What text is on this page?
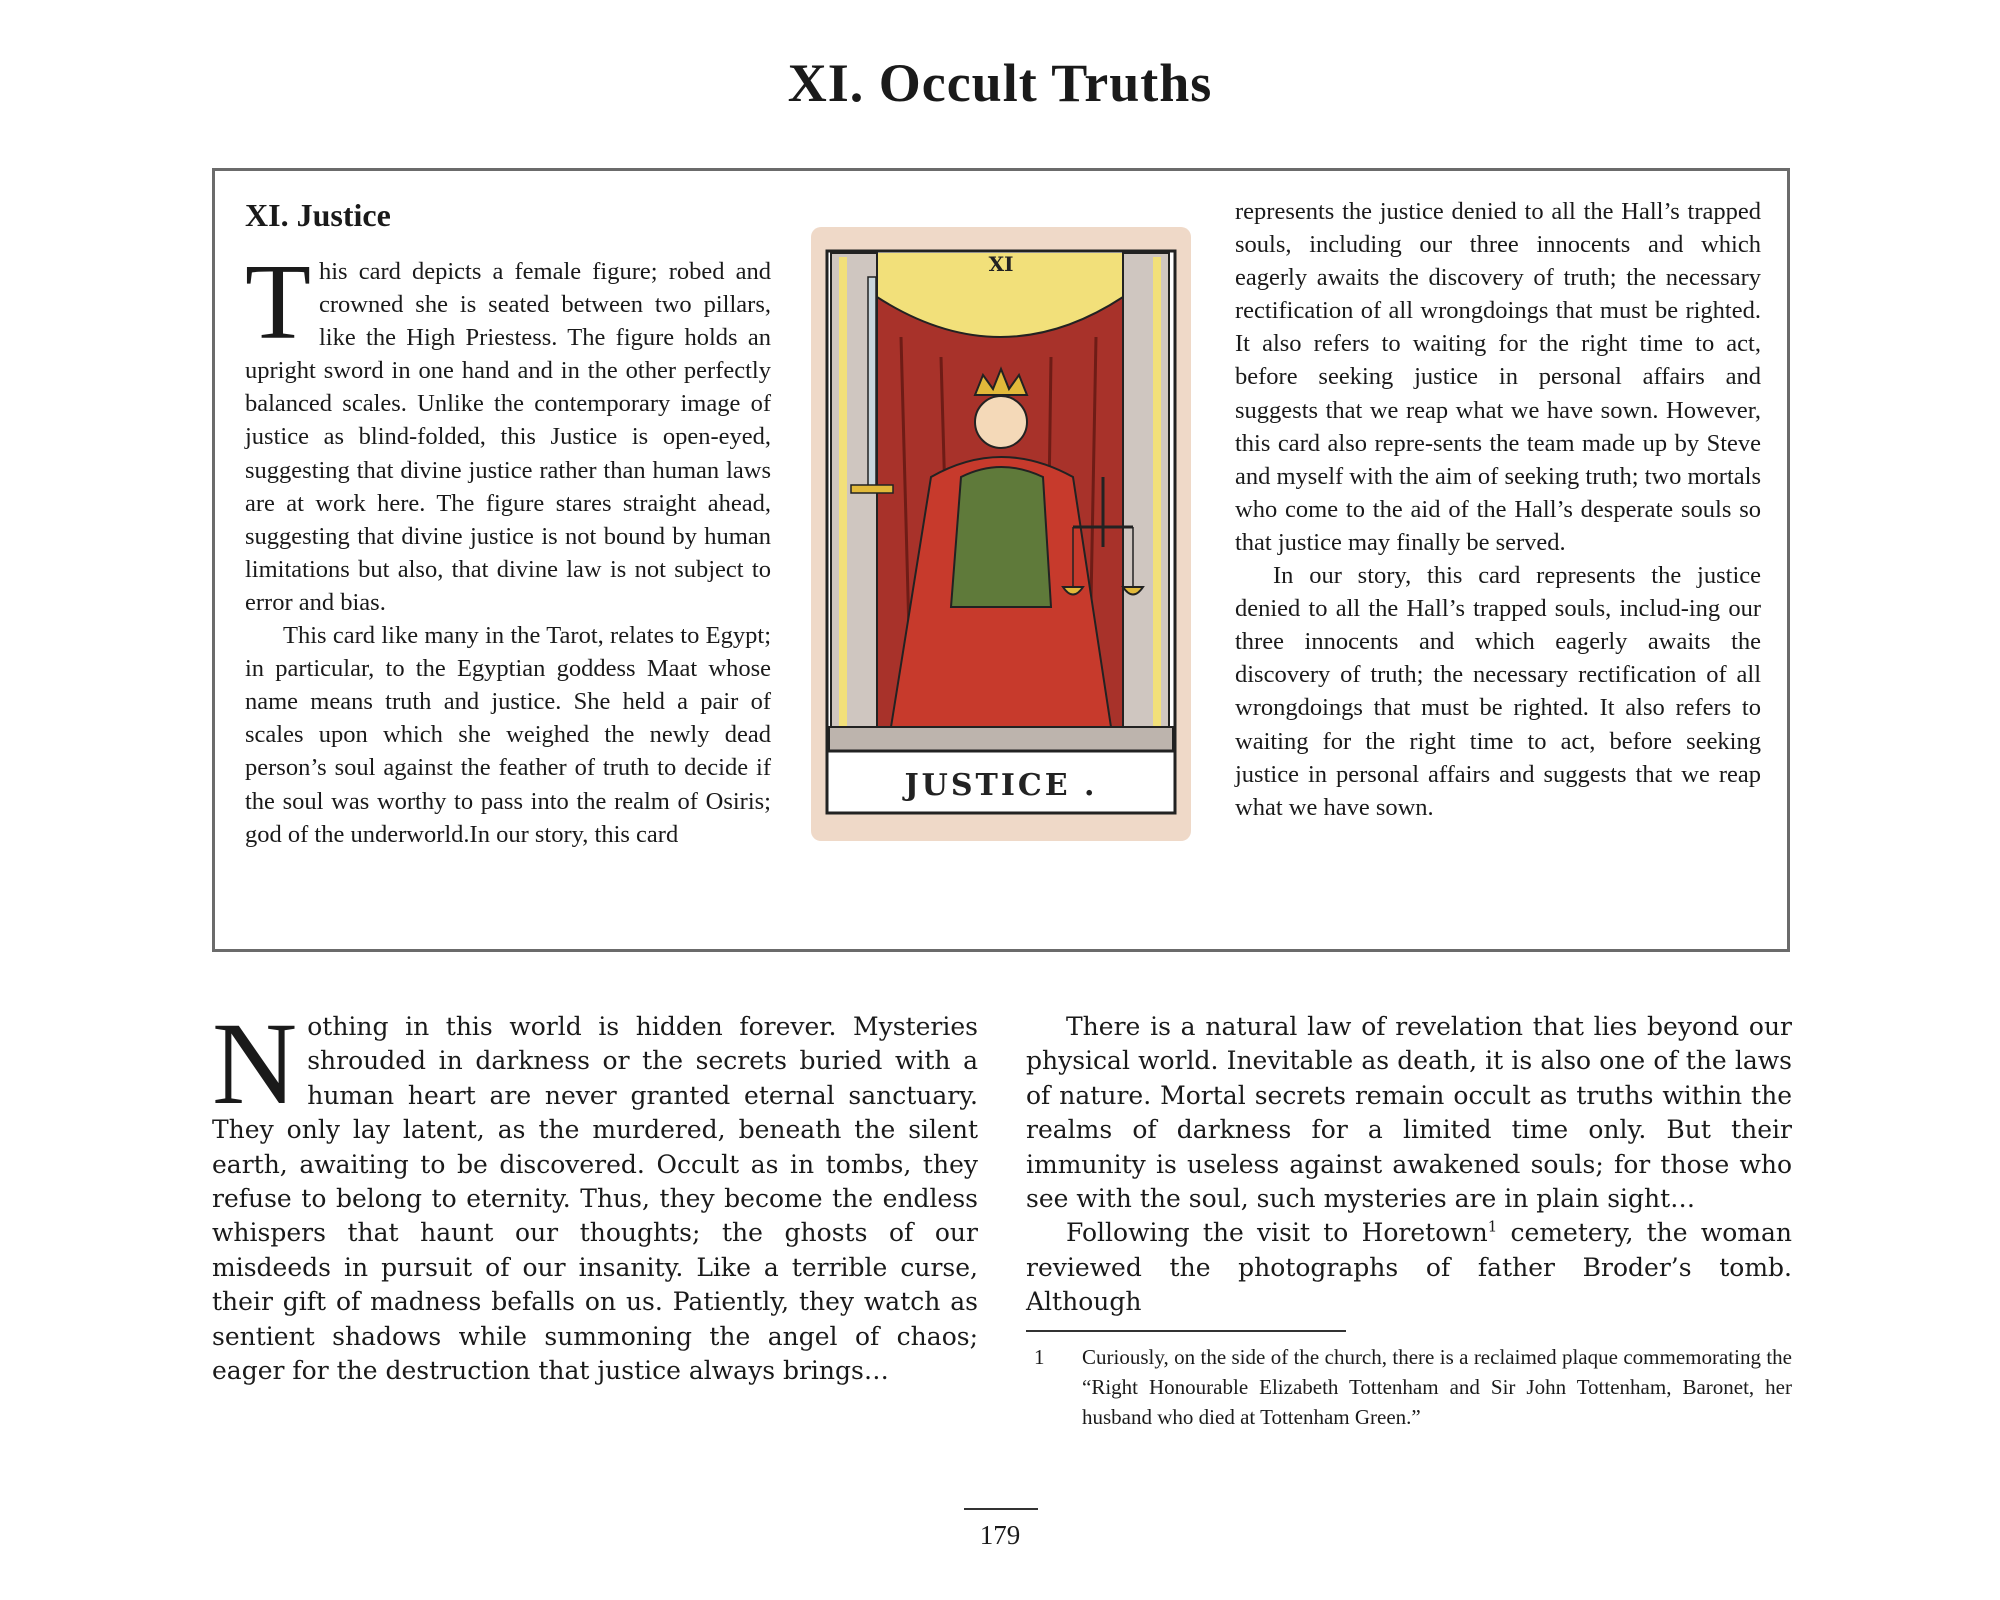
XI. Occult Truths
XI. Justice

This card depicts a female figure; robed and crowned she is seated between two pillars, like the High Priestess. The figure holds an upright sword in one hand and in the other perfectly balanced scales. Unlike the contemporary image of justice as blind-folded, this Justice is open-eyed, suggesting that divine justice rather than human laws are at work here. The figure stares straight ahead, suggesting that divine justice is not bound by human limitations but also, that divine law is not subject to error and bias.

This card like many in the Tarot, relates to Egypt; in particular, to the Egyptian goddess Maat whose name means truth and justice. She held a pair of scales upon which she weighed the newly dead person’s soul against the feather of truth to decide if the soul was worthy to pass into the realm of Osiris; god of the underworld.In our story, this card

XI
JUSTICE .

represents the justice denied to all the Hall’s trapped souls, including our three innocents and which eagerly awaits the discovery of truth; the necessary rectification of all wrongdoings that must be righted. It also refers to waiting for the right time to act, before seeking justice in personal affairs and suggests that we reap what we have sown. However, this card also repre-sents the team made up by Steve and myself with the aim of seeking truth; two mortals who come to the aid of the Hall’s desperate souls so that justice may finally be served.

In our story, this card represents the justice denied to all the Hall’s trapped souls, includ-ing our three innocents and which eagerly awaits the discovery of truth; the necessary rectification of all wrongdoings that must be righted. It also refers to waiting for the right time to act, before seeking justice in personal affairs and suggests that we reap what we have sown.

Nothing in this world is hidden forever. Mysteries shrouded in darkness or the secrets buried with a human heart are never granted eternal sanctuary. They only lay latent, as the murdered, beneath the silent earth, awaiting to be discovered. Occult as in tombs, they refuse to belong to eternity. Thus, they become the endless whispers that haunt our thoughts; the ghosts of our misdeeds in pursuit of our insanity. Like a terrible curse, their gift of madness befalls on us. Patiently, they watch as sentient shadows while summoning the angel of chaos; eager for the destruction that justice always brings…

There is a natural law of revelation that lies beyond our physical world. Inevitable as death, it is also one of the laws of nature. Mortal secrets remain occult as truths within the realms of darkness for a limited time only. But their immunity is useless against awakened souls; for those who see with the soul, such mysteries are in plain sight…

Following the visit to Horetown$^1$ cemetery, the woman reviewed the photographs of father Broder’s tomb. Although

1 Curiously, on the side of the church, there is a reclaimed plaque commemorating the “Right Honourable Elizabeth Tottenham and Sir John Tottenham, Baronet, her husband who died at Tottenham Green.”
179
